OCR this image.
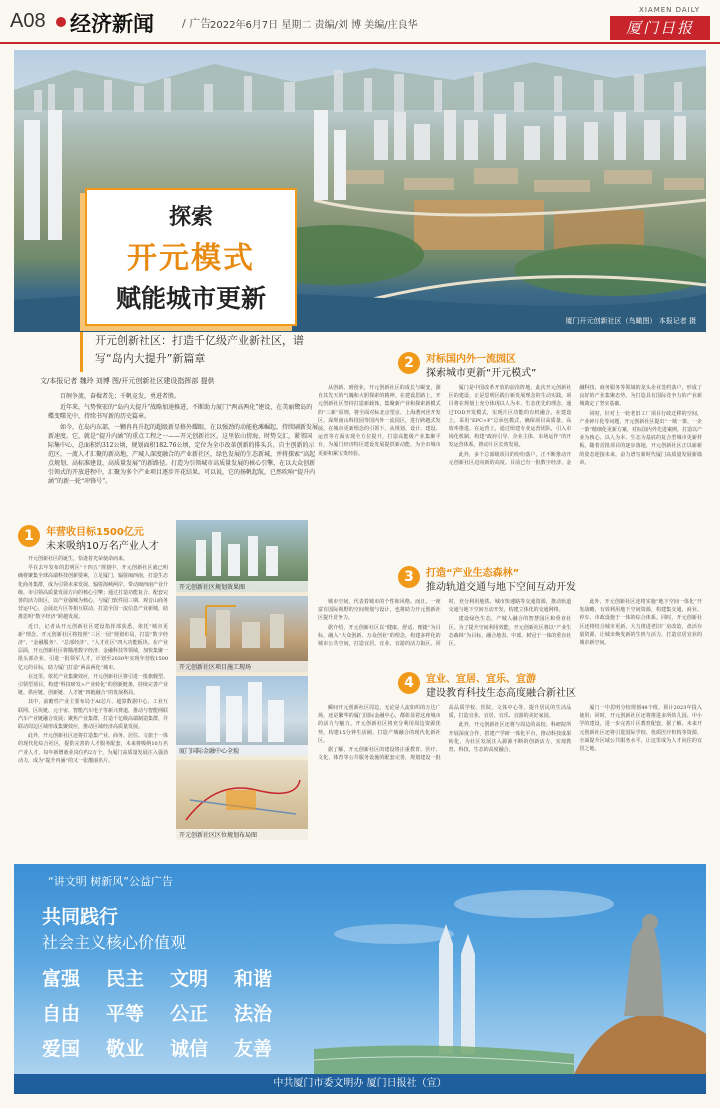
A08 经济新闻	/ 广告
2022年6月7日 星期二 责编/刘 博 美编/庄良华
XIAMEN DAILY
厦门日报
厦门开元创新社区（鸟瞰图） 本报记者 摄
探索
开元模式
赋能城市更新
开元创新社区：打造千亿级产业新社区，谱写“岛内大提升”新篇章
文/本报记者 魏玲 刘博 图/开元创新社区建设指挥部 提供

百舸争流，奋楫者先；千帆竞发，勇进者胜。

近年来，气势恢宏的“岛内大提升”战略加速推进，不断助力厦门“两高两化”建设，在美丽鹭岛的蝶变曙光中，持续书写新的历史篇章。

如今，在岛内东部，一颗冉冉升起的超级新星格外耀眼，在以强劲的动能抢滩崛起，持续刷新发展新速度。它，就是“提升内涵”的重点工程之一——开元创新社区。这里依山傍海，时势交汇，紧邻国际集中心，总面积约312公顷，规划面积182.76公顷，定位为全市改革创新的排头兵、自主创新的示范区，一流人才汇聚的新高地，产城人深度融合的产业新社区，绿色发展的生态新城，并将探索“高起点规划、高标准建设、高质量发展”的新路径。打造为引领城市高质量发展的核心引擎，在以大众创新引领式的开放进程中，汇聚为多个产业项目逐步开花结果。可以说，它的扬帆起航，已然吹响“提升内涵”的新一轮“冲锋号”。

1	年营收目标1500亿元
未来吸纳10万名产业人才

开元创新社区的诞生，恰逢着光荣使命而来。

早在去年发布的思明区“十四五”规划中，开元创新社区就已明确将聚集全球高端科技创新要素，立足厦门，辐射闽西南，打造生态化商务集群，成为引领未来发展、辐射海峡两岸、带动闽西南产业升级、市引领高质量发展方向的核心引擎；通过打造功能复合、配套完善的活力街区，以产业强城为核心，与厦门软件园三期、观音山商务营运中心、会展北片区等相互联动，打造全国一流信息产业新城，助推思明“数字经济”跨越发展。

近日，记者从开元创新社区建设指挥部获悉，依托“城市更新”理念，开元创新社区将按照“三区一园”规划布局，打造“数字经济”、“金融服务”、“总部经济”、“人才社区”四大功能板块。在产业层面，开元创新社区将瞄准数字经济、金融科技等领域，加快集聚一批头部企业、引进一批领军人才，计划至2030年实现年营收1500亿元的目标，助力厦门打造“两高两化”城市。

在这里，依托产业集聚效应，开元创新社区将引进一批旗舰型、引领型项目，构建“科技研发+产业转化”的创新链条，持续完善产业链、供应链、创新链、人才链“四链融合”的发展格局。

其中，前瞻性产业主要布局于AI芯片、超算数据中心、工业互联网、区块链、元宇宙、智能汽车电子等新兴赛道，推动与智能网联汽车产业链融合发展；聚焦产业集群，打造千亿级高端制造集群，并联动周边区域形成集聚效应，推动区域经济高质量发展。

此外，开元创新社区还将打造集产业、商务、居住、文旅于一体的现代化综合社区，提供完善的人才服务配套，未来将吸纳10万名产业人才，每年新增就业岗位约2万个，为厦门高质量发展注入强劲动力，成为“提升内涵”的又一张靓丽名片。

开元创新社区规划效果图
开元创新社区项目施工现场
厦门国际金融中心全貌
开元创新社区区位规划布局图
2	对标国内外一流园区
探索城市更新“开元模式”

从创新、到创业，开元创新社区的成长与蜕变，源自其先天的气魄和大胆探索的精神。在建设思路上，开元创新社区坚持打造新载体，集聚新产业和探索新模式的“三新”原则，将全面对标北京望京、上海漕河泾开发区、深圳南山科技园等国内外一流园区，进行跨越式发展。在城市更新理念的引领下，从规划、设计、建设、运营等方面实现全方位提升，打造高能级产业集聚平台，为厦门经济特区建设发展提供新动能，为全市城市更新积累宝贵经验。

厦门是中国改革开放的前沿阵地，此次开元创新社区的建设，正是思明区践行新发展理念的生动实践。项目将在规划上充分体现以人为本、生态优先的理念，通过TOD开发模式，实现片区功能的有机融合。在建设上，采用“EPC+F”总承包模式，确保项目高质量、高效率推进。在运营上，通过组建专业运营团队，引入市场化机制，构建“政府引导、企业主体、市场运作”的开发运营体系，推动片区长效发展。

此外，多个总部级项目的纷纷落户，正不断推动开元创新社区迈向新的高度。目前已有一批数字经济、金融科技、商务服务等领域的龙头企业签约落户，形成了良好的产业集聚态势，为打造具有国际竞争力的产业新城奠定了坚实基础。

同时，针对上一轮老旧工厂项目行政迁移的空间，产业碎片化等问题，开元创新社区提出“一城一策、一企一策”精细化更新方案，对标国内外先进案例，打造以产业为核心、以人为本、生态为基底的复合型城市更新样板。随着首批项目的逐步落地，开元创新社区正以崭新的姿态迎接未来，奋力谱写新时代厦门高质量发展新篇章。

3	打造“产业生态森林”
推动轨道交通与地下空间互动开发

城市空间，代表着城市的个性和风格。而且，一座富有国际视野的空间规划与设计，也将助力开元创新社区提升竞争力。

据介绍，开元创新社区以“健康、舒适、便捷”为目标，融入“大众创新、万众创业”的理念，构建多样化的城市公共空间，打造宜居、宜业、宜游的活力街区。同时，充分利用地铁、城市快速路等交通资源，推动轨道交通与地下空间互动开发，构建立体化的交通网络。

建设绿色生态，产城人融合的智慧园区和垂直社区。为了提升空间利用效能，开元创新社区将以“产业生态森林”为目标，融合地表、中部、树冠于一体的垂直社区。

此外，开元创新社区还将实施“地下空间一体化”开发战略，有效利用地下空间资源，构建集交通、商业、停车、市政设施于一体的综合体系。同时，开元创新社区还将结合城市更新，大力推进老旧厂房改造，盘活存量资源，让城市焕发新的生机与活力，打造宜居宜业的城市新空间。

4	宜业、宜居、宜乐、宜游
建设教育科技生态高度融合新社区

瞬间开元创新社区周边，无论是人流如织的万达广场，还是繁华的厦门国际金融中心，都彰显着这座城市的活力与魅力。开元创新社区将充分利用周边资源优势，构建15分钟生活圈，打造产城融合的现代化新社区。

据了解，开元创新社区的建设将注重教育、医疗、文化、体育等公共服务设施的配套完善，规划建设一批高品质学校、医院、文体中心等，提升居民的生活品质，打造宜业、宜居、宜乐、宜游的美好家园。

此外，开元创新社区还将与周边的高校、科研院所开展深度合作，搭建产学研一体化平台，推动科技成果转化，为社区发展注入源源不断的创新活力，实现教育、科技、生态的高度融合。

厦门一中思明分校规划48个班，预计2023年投入使用；同时，开元创新社区还将推进多所幼儿园、中小学的建设，进一步完善片区教育配套。据了解，未来开元创新社区还将引进国际学校、优质医疗机构等资源，全面提升区域公共服务水平，让这里成为人才向往的宜居之地。

“讲文明 树新风”公益广告
共同践行
社会主义核心价值观
富强 民主 文明 和谐 自由 平等 公正 法治 爱国 敬业 诚信 友善
中共厦门市委文明办 厦门日报社（宣）
